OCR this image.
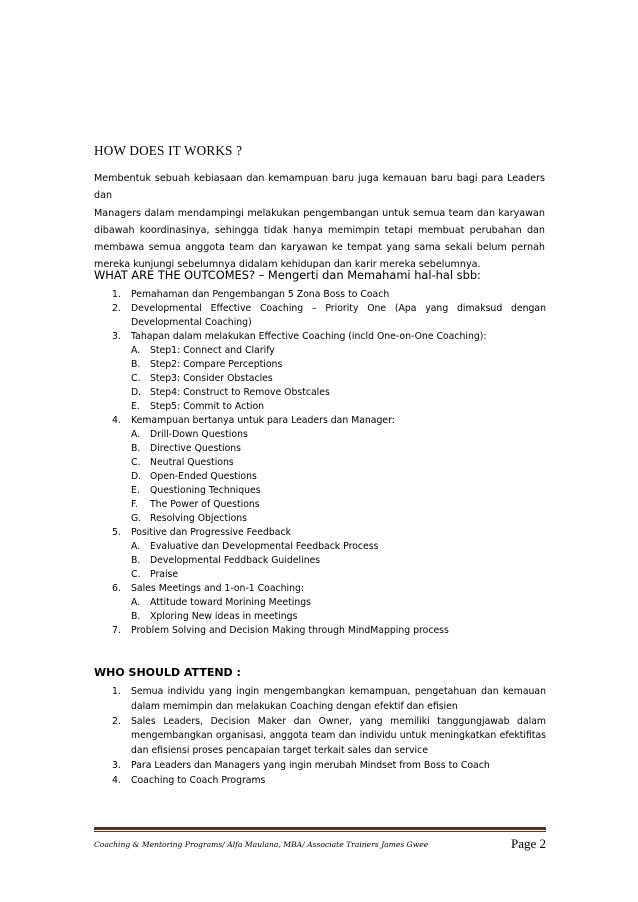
HOW DOES IT WORKS ?
Membentuk sebuah kebiasaan dan kemampuan baru juga kemauan baru bagi para Leaders dan
Managers dalam mendampingi melakukan pengembangan untuk semua team dan karyawan
dibawah koordinasinya, sehingga tidak hanya memimpin tetapi membuat perubahan dan
membawa semua anggota team dan karyawan ke tempat yang sama sekali belum pernah
mereka kunjungi sebelumnya didalam kehidupan dan karir mereka sebelumnya.
WHAT ARE THE OUTCOMES? – Mengerti dan Memahami hal-hal sbb:
1.	Pemahaman dan Pengembangan 5 Zona Boss to Coach
2.	Developmental Effective Coaching – Priority One (Apa yang dimaksud dengan
Developmental Coaching)
3.	Tahapan dalam melakukan Effective Coaching (incld One-on-One Coaching):
A.	Step1: Connect and Clarify
B.	Step2: Compare Perceptions
C.	Step3: Consider Obstacles
D. Step4: Construct to Remove Obstcales
E.	Step5: Commit to Action
4.	Kemampuan bertanya untuk para Leaders dan Manager:
A.	Drill-Down Questions
B.	Directive Questions
C.	Neutral Questions
D. Open-Ended Questions
E.	Questioning Techniques
F.	The Power of Questions
G. Resolving Objections
5.	Positive dan Progressive Feedback
A.	Evaluative dan Developmental Feedback Process
B.	Developmental Feddback Guidelines
C.	Praise
6.	Sales Meetings and 1-on-1 Coaching:
A.	Attitude toward Morining Meetings
B.	Xploring New ideas in meetings
7.	Problem Solving and Decision Making through MindMapping process
WHO SHOULD ATTEND :
1.	Semua individu yang ingin mengembangkan kemampuan, pengetahuan dan kemauan
dalam memimpin dan melakukan Coaching dengan efektif dan efisien
2.	Sales Leaders, Decision Maker dan Owner, yang memiliki tanggungjawab dalam
mengembangkan organisasi, anggota team dan individu untuk meningkatkan efektifitas
dan efisiensi proses pencapaian target terkait sales dan service
3.	Para Leaders dan Managers yang ingin merubah Mindset from Boss to Coach
4.	Coaching to Coach Programs
Coaching & Mentoring Programs/ Alfa Maulana, MBA/ Associate Trainers James Gwee	Page 2
